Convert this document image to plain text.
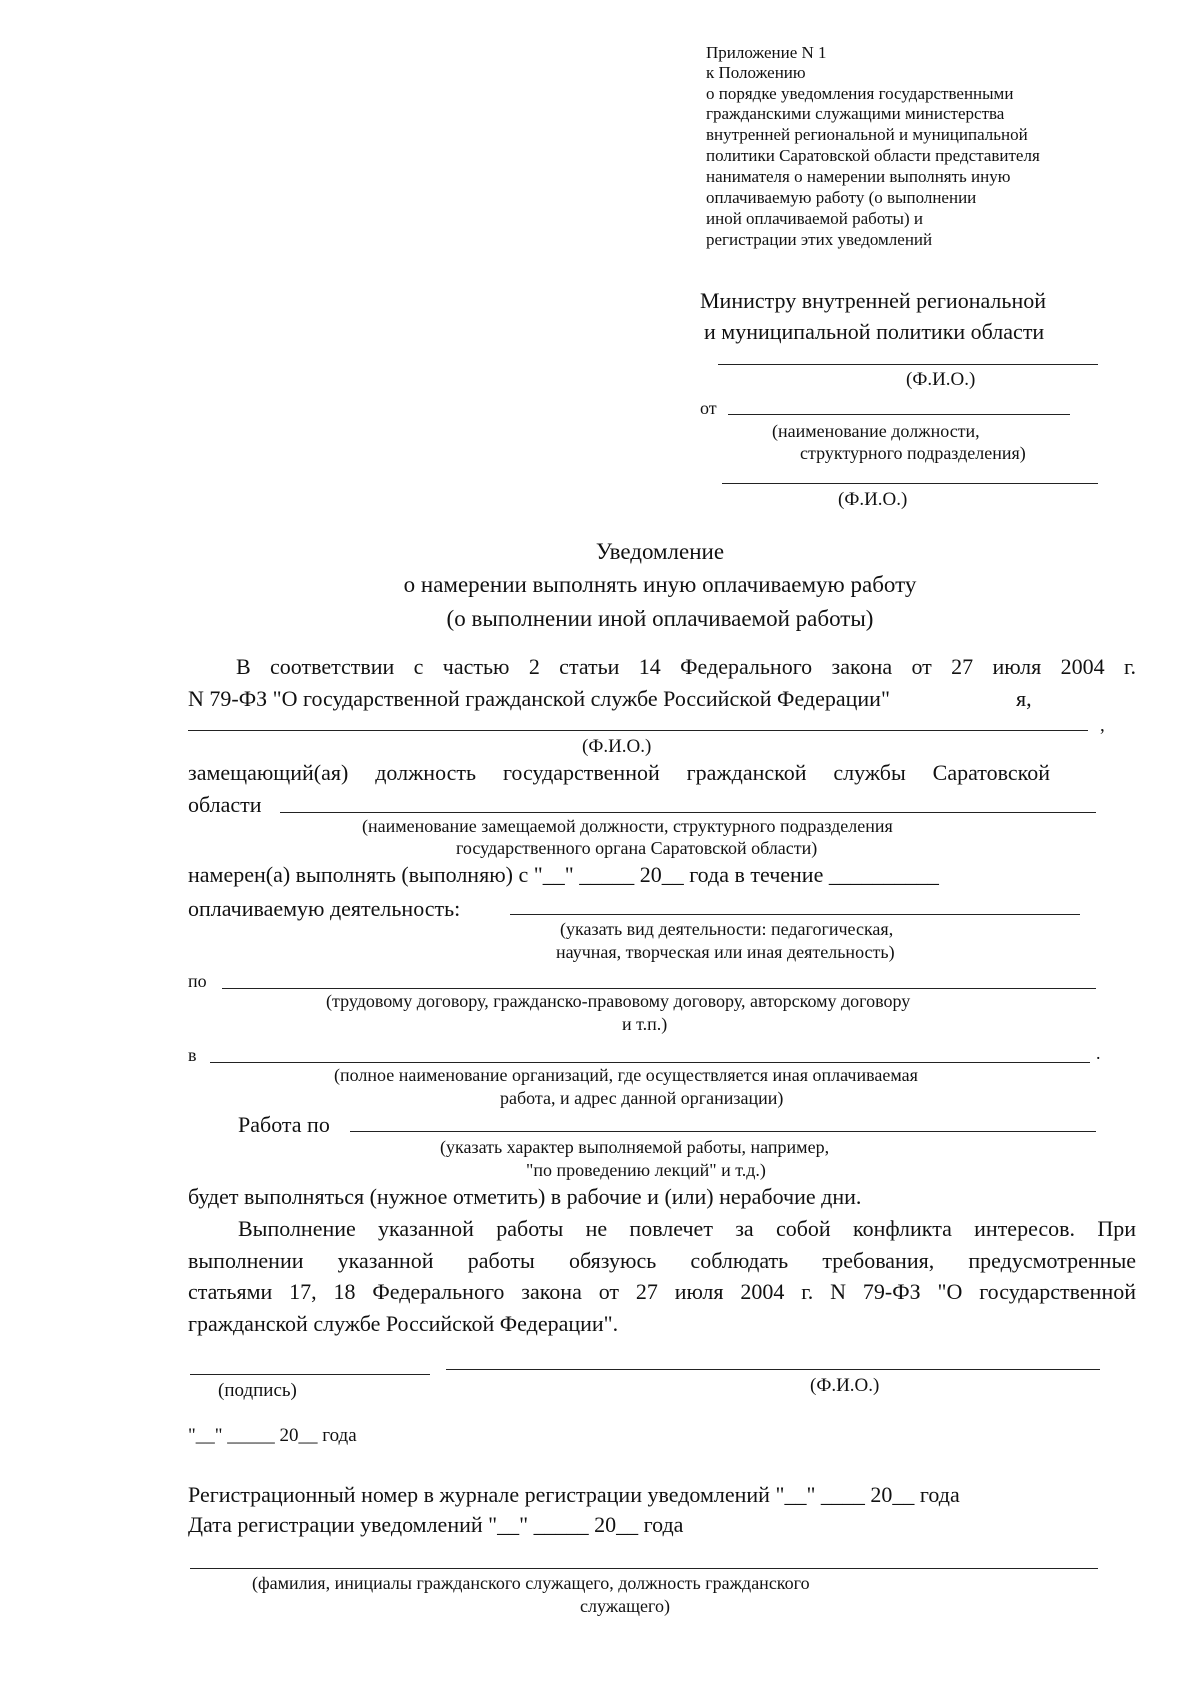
Приложение N 1
к Положению
о порядке уведомления государственными
гражданскими служащими министерства
внутренней региональной и муниципальной
политики Саратовской области представителя
нанимателя о намерении выполнять иную
оплачиваемую работу (о выполнении
иной оплачиваемой работы) и
регистрации этих уведомлений
Министру внутренней региональной
и муниципальной политики области
(Ф.И.О.)
от
(наименование должности,
структурного подразделения)
(Ф.И.О.)
Уведомление
о намерении выполнять иную оплачиваемую работу
(о выполнении иной оплачиваемой работы)
В соответствии с частью 2 статьи 14 Федерального закона от 27 июля 2004 г.
N 79-ФЗ "О государственной гражданской службе Российской Федерации"	я,
,
(Ф.И.О.)
замещающий(ая) должность государственной гражданской службы Саратовской
области
(наименование замещаемой должности, структурного подразделения
государственного органа Саратовской области)
намерен(а) выполнять (выполняю) с "__" _____ 20__ года в течение __________
оплачиваемую деятельность:
(указать вид деятельности: педагогическая,
научная, творческая или иная деятельность)
по
(трудовому договору, гражданско-правовому договору, авторскому договору
и т.п.)
в	.
(полное наименование организаций, где осуществляется иная оплачиваемая
работа, и адрес данной организации)
Работа по
(указать характер выполняемой работы, например,
"по проведению лекций" и т.д.)
будет выполняться (нужное отметить) в рабочие и (или) нерабочие дни.
Выполнение указанной работы не повлечет за собой конфликта интересов. При
выполнении указанной работы обязуюсь соблюдать требования, предусмотренные
статьями 17, 18 Федерального закона от 27 июля 2004 г. N 79-ФЗ "О государственной
гражданской службе Российской Федерации".
(подпись)	(Ф.И.О.)
"__" _____ 20__ года
Регистрационный номер в журнале регистрации уведомлений "__" ____ 20__ года
Дата регистрации уведомлений "__" _____ 20__ года
(фамилия, инициалы гражданского служащего, должность гражданского
служащего)
